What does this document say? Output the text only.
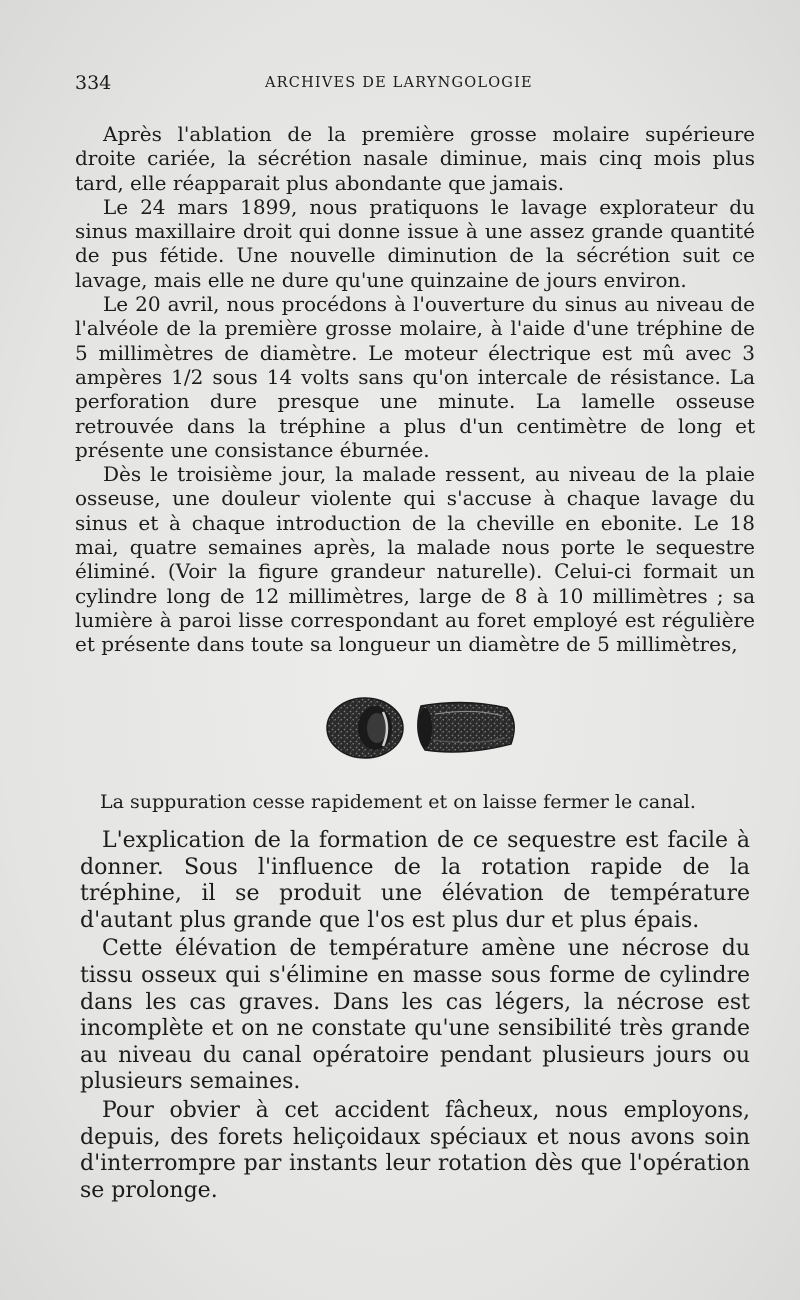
334	ARCHIVES DE LARYNGOLOGIE

Après l'ablation de la première grosse molaire supérieure droite cariée, la sécrétion nasale diminue, mais cinq mois plus tard, elle réapparait plus abondante que jamais.

Le 24 mars 1899, nous pratiquons le lavage explorateur du sinus maxillaire droit qui donne issue à une assez grande quantité de pus fétide. Une nouvelle diminution de la sécrétion suit ce lavage, mais elle ne dure qu'une quinzaine de jours environ.

Le 20 avril, nous procédons à l'ouverture du sinus au niveau de l'alvéole de la première grosse molaire, à l'aide d'une tréphine de 5 millimètres de diamètre. Le moteur électrique est mû avec 3 ampères 1/2 sous 14 volts sans qu'on intercale de résistance. La perforation dure presque une minute. La lamelle osseuse retrouvée dans la tréphine a plus d'un centimètre de long et présente une consistance éburnée.

Dès le troisième jour, la malade ressent, au niveau de la plaie osseuse, une douleur violente qui s'accuse à chaque lavage du sinus et à chaque introduction de la cheville en ebonite. Le 18 mai, quatre semaines après, la malade nous porte le sequestre éliminé. (Voir la figure grandeur naturelle). Celui-ci formait un cylindre long de 12 millimètres, large de 8 à 10 millimètres ; sa lumière à paroi lisse correspondant au foret employé est régulière et présente dans toute sa longueur un diamètre de 5 millimètres,

La suppuration cesse rapidement et on laisse fermer le canal.

L'explication de la formation de ce sequestre est facile à donner. Sous l'influence de la rotation rapide de la tréphine, il se produit une élévation de température d'autant plus grande que l'os est plus dur et plus épais.

Cette élévation de température amène une nécrose du tissu osseux qui s'élimine en masse sous forme de cylindre dans les cas graves. Dans les cas légers, la nécrose est incomplète et on ne constate qu'une sensibilité très grande au niveau du canal opératoire pendant plusieurs jours ou plusieurs semaines.

Pour obvier à cet accident fâcheux, nous employons, depuis, des forets heliçoidaux spéciaux et nous avons soin d'interrompre par instants leur rotation dès que l'opération se prolonge.
